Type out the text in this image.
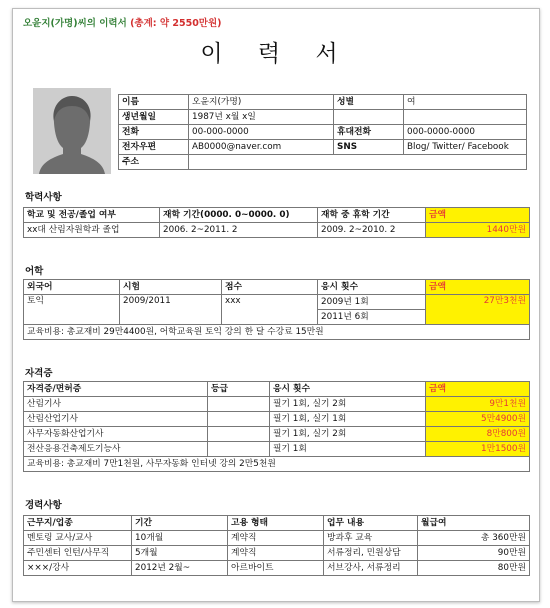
오윤지(가명)씨의 이력서 (총계: 약 2550만원)
이 력 서
이름	오윤지(가명)	성별	여
생년월일	1987년 x월 x일		
전화	00-000-0000	휴대전화	000-0000-0000
전자우편	AB0000@naver.com	SNS	Blog/ Twitter/ Facebook
주소			
학력사항
학교 및 전공/졸업 여부	재학 기간(0000. 0~0000. 0)	재학 중 휴학 기간	금액
xx대 산림자원학과 졸업	2006. 2~2011. 2	2009. 2~2010. 2	1440만원
어학
외국어	시험	점수	응시 횟수	금액
토익	2009/2011	xxx	2009년 1회	27만3천원
			2011년 6회	
교육비용: 총교재비 29만4400원, 어학교육원 토익 강의 한 달 수강료 15만원				
자격증
자격증/면허증	등급	응시 횟수	금액
산림기사		필기 1회, 실기 2회	9만1천원
산림산업기사		필기 1회, 실기 1회	5만4900원
사무자동화산업기사		필기 1회, 실기 2회	8만800원
전산응용건축제도기능사		필기 1회	1만1500원
교육비용: 총교재비 7만1천원, 사무자동화 인터넷 강의 2만5천원			
경력사항
근무지/업종	기간	고용 형태	업무 내용	월급여
멘토링 교사/교사	10개월	계약직	방과후 교육	총 360만원
주민센터 인턴/사무직	5개월	계약직	서류정리, 민원상담	90만원
×××/강사	2012년 2월~	아르바이트	서브강사, 서류정리	80만원
